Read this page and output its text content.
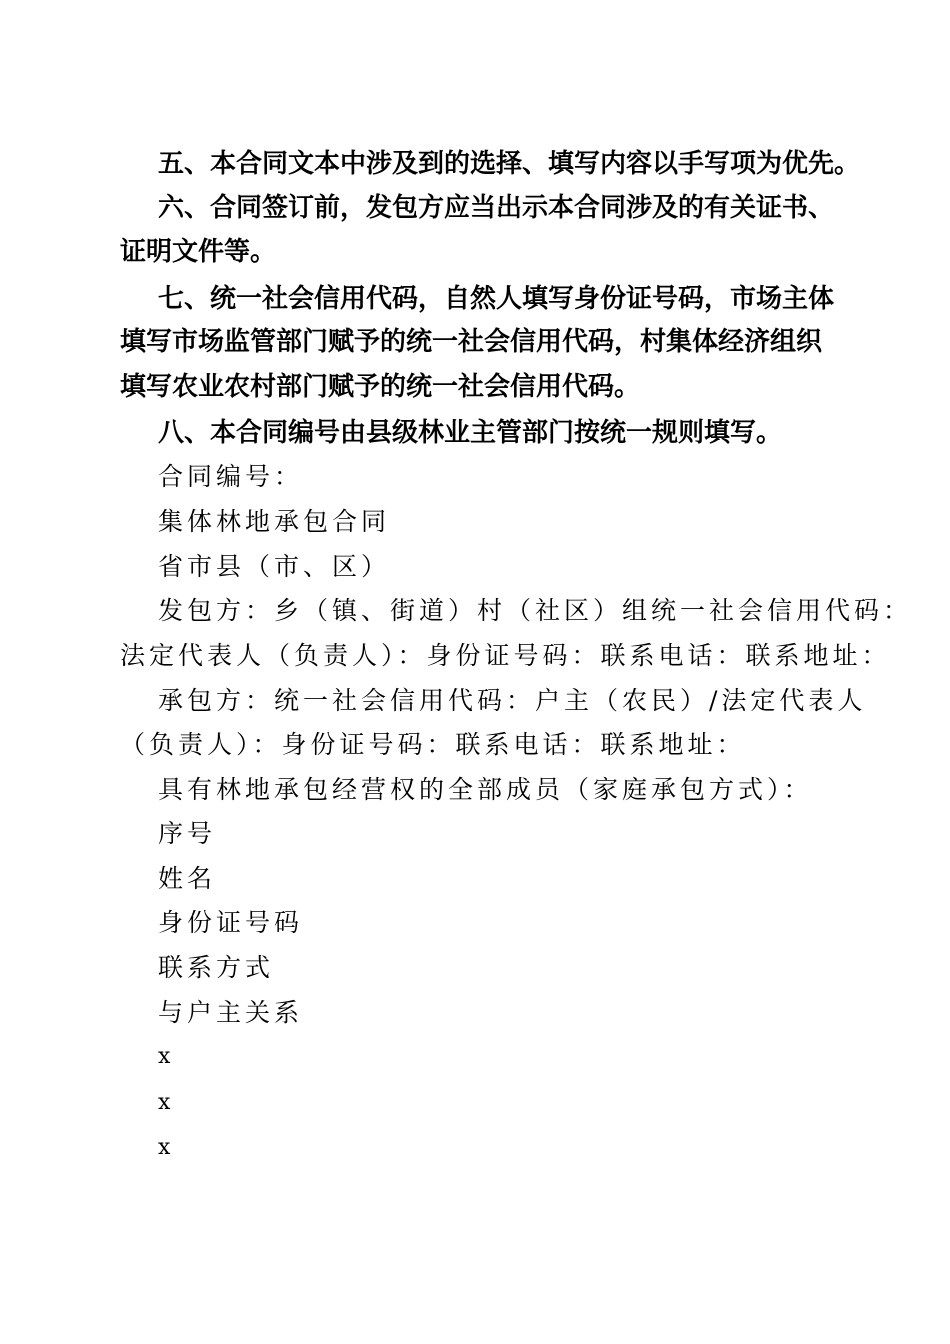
五、本合同文本中涉及到的选择、填写内容以手写项为优先。
六、合同签订前，发包方应当出示本合同涉及的有关证书、
证明文件等。
七、统一社会信用代码，自然人填写身份证号码，市场主体
填写市场监管部门赋予的统一社会信用代码，村集体经济组织
填写农业农村部门赋予的统一社会信用代码。
八、本合同编号由县级林业主管部门按统一规则填写。
合同编号：
集体林地承包合同
省市县（市、区）
发包方：乡（镇、街道）村（社区）组统一社会信用代码：
法定代表人（负责人）：身份证号码：联系电话：联系地址：
承包方：统一社会信用代码：户主（农民）/法定代表人
（负责人）：身份证号码：联系电话：联系地址：
具有林地承包经营权的全部成员（家庭承包方式）：
序号
姓名
身份证号码
联系方式
与户主关系
x
x
x
